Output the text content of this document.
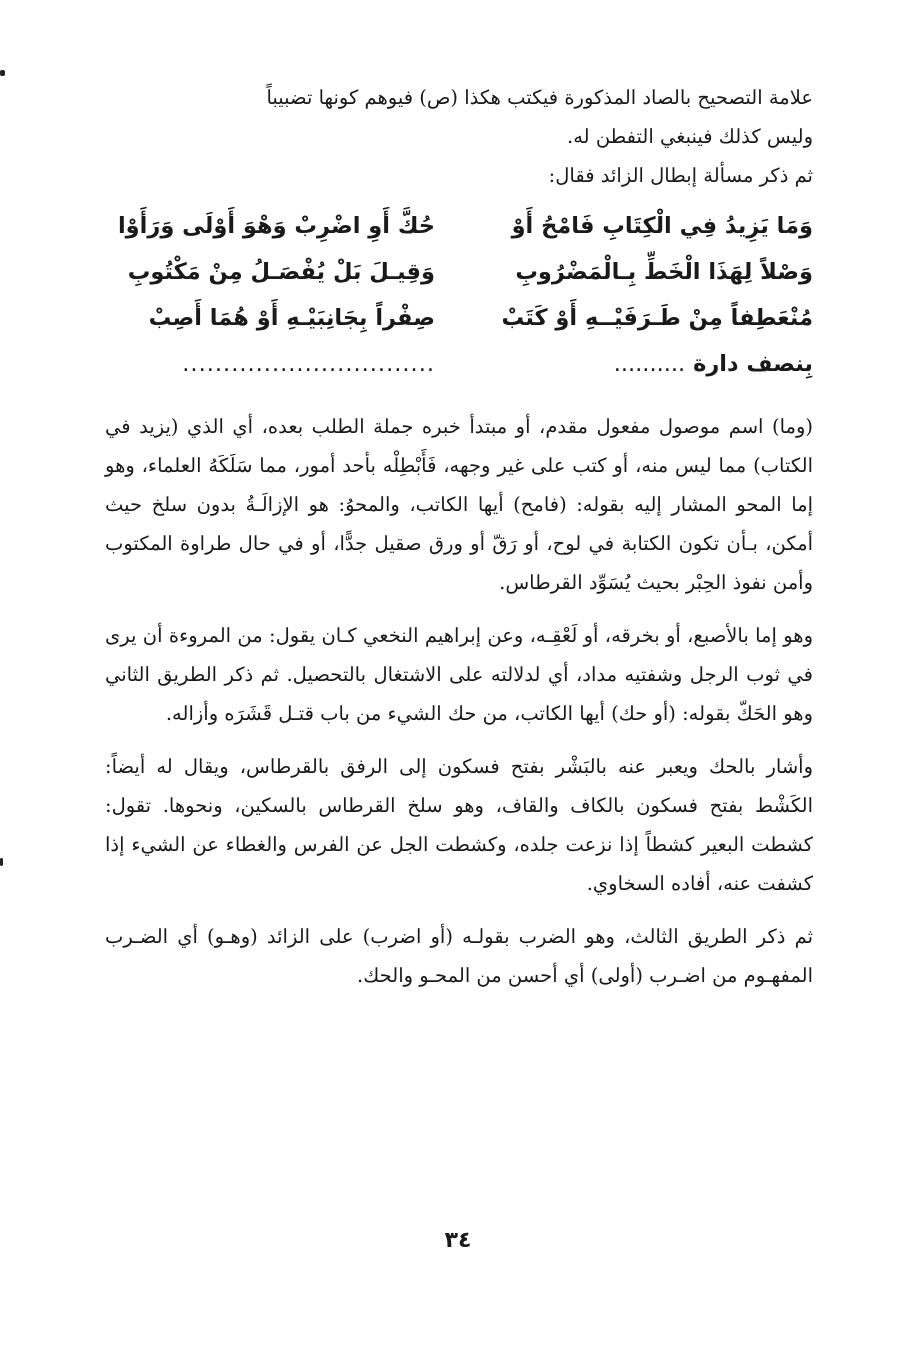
علامة التصحيح بالصاد المذكورة فيكتب هكذا (ص) فيوهم كونها تضبيباً
وليس كذلك فينبغي التفطن له.

ثم ذكر مسألة إبطال الزائد فقال:

وَمَا يَزِيدُ فِي الْكِتَابِ فَامْحُ أَوْ
حُكَّ أَوِ اضْرِبْ وَهْوَ أَوْلَى وَرَأَوْا
وَصْلاً لِهَذَا الْخَطِّ بِـالْمَضْرُوبِ
وَقِيـلَ بَلْ يُفْصَـلُ مِنْ مَكْتُوبِ
مُنْعَطِفاً مِنْ طَـرَفَيْــهِ أَوْ كَتَبْ
صِفْراً بِجَانِبَيْـهِ أَوْ هُمَا أَصِبْ
بِنصف دارة ..........
...............................

(وما) اسم موصول مفعول مقدم، أو مبتدأ خبره جملة الطلب بعده، أي الذي (يزيد في الكتاب) مما ليس منه، أو كتب على غير وجهه، فَأَبْطِلْه بأحد أمور، مما سَلَكَهُ العلماء، وهو إما المحو المشار إليه بقوله: (فامح) أيها الكاتب، والمحوُ: هو الإزالَـةُ بدون سلخ حيث أمكن، بـأن تكون الكتابة في لوح، أو رَقّ أو ورق صقيل جدًّا، أو في حال طراوة المكتوب وأمن نفوذ الحِبْر بحيث يُسَوِّد القرطاس.

وهو إما بالأصبع، أو بخرقه، أو لَعْقِـه، وعن إبراهيم النخعي كـان يقول: من المروءة أن يرى في ثوب الرجل وشفتيه مداد، أي لدلالته على الاشتغال بالتحصيل. ثم ذكر الطريق الثاني وهو الحَكّ بقوله: (أو حك) أيها الكاتب، من حك الشيء من باب قتـل قَشَرَه وأزاله.

وأشار بالحك ويعبر عنه بالبَشْر بفتح فسكون إلى الرفق بالقرطاس، ويقال له أيضاً: الكَشْط بفتح فسكون بالكاف والقاف، وهو سلخ القرطاس بالسكين، ونحوها. تقول: كشطت البعير كشطاً إذا نزعت جلده، وكشطت الجل عن الفرس والغطاء عن الشيء إذا كشفت عنه، أفاده السخاوي.

ثم ذكر الطريق الثالث، وهو الضرب بقولـه (أو اضرب) على الزائد (وهـو) أي الضـرب المفهـوم من اضـرب (أولى) أي أحسن من المحـو والحك.

٣٤
